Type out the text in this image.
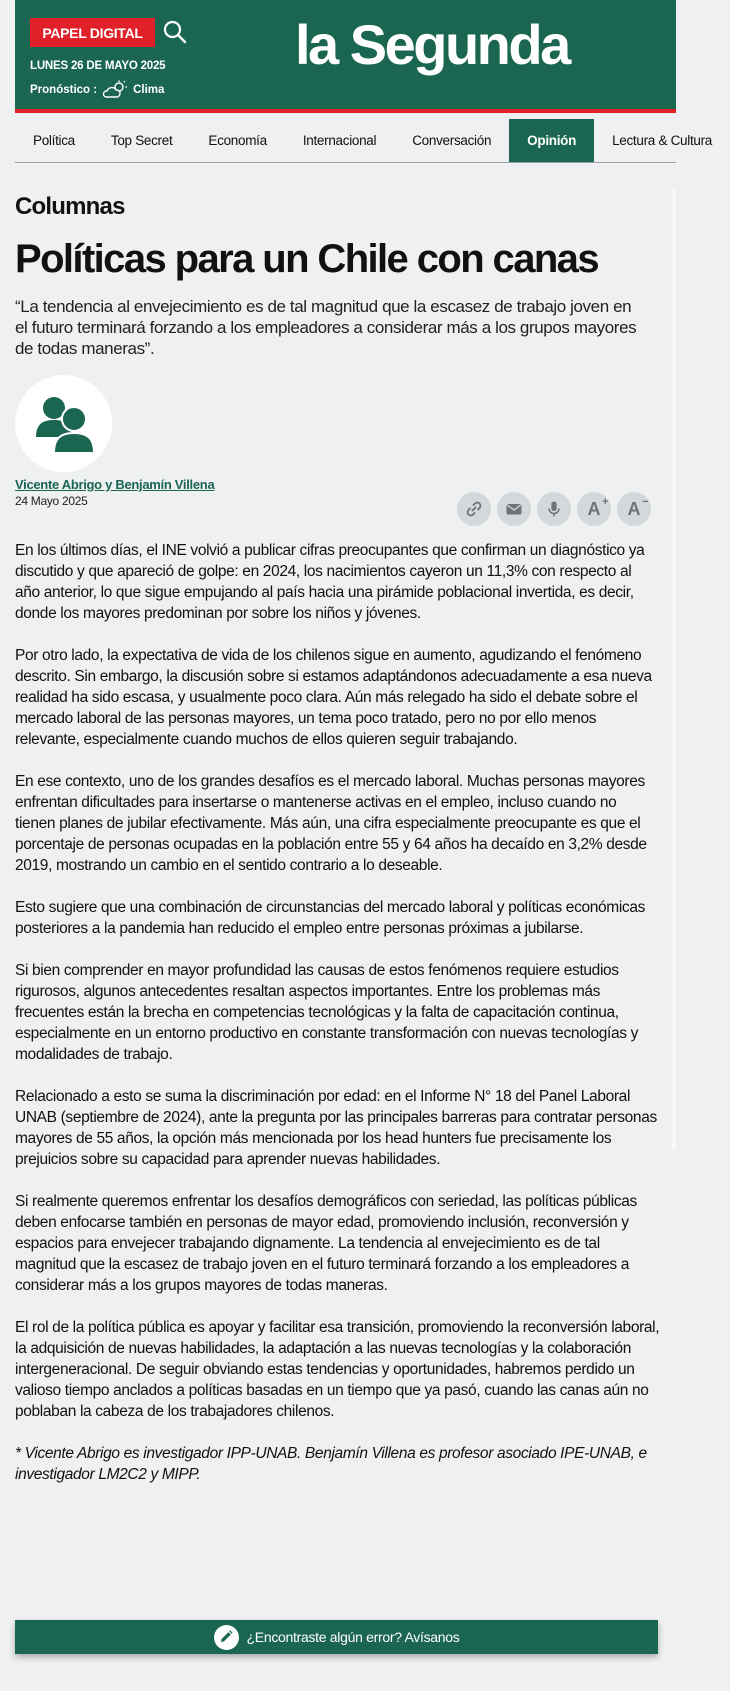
PAPEL DIGITAL
LUNES 26 DE MAYO 2025
Pronóstico :	Clima
la Segunda
Política	Top Secret	Economía	Internacional	Conversación	Opinión	Lectura & Cultura
Columnas
Políticas para un Chile con canas
“La tendencia al envejecimiento es de tal magnitud que la escasez de trabajo joven en el futuro terminará forzando a los empleadores a considerar más a los grupos mayores de todas maneras”.
Vicente Abrigo y Benjamín Villena
24 Mayo 2025	A + A −

En los últimos días, el INE volvió a publicar cifras preocupantes que confirman un diagnóstico ya discutido y que apareció de golpe: en 2024, los nacimientos cayeron un 11,3% con respecto al año anterior, lo que sigue empujando al país hacia una pirámide poblacional invertida, es decir, donde los mayores predominan por sobre los niños y jóvenes.

Por otro lado, la expectativa de vida de los chilenos sigue en aumento, agudizando el fenómeno descrito. Sin embargo, la discusión sobre si estamos adaptándonos adecuadamente a esa nueva realidad ha sido escasa, y usualmente poco clara. Aún más relegado ha sido el debate sobre el mercado laboral de las personas mayores, un tema poco tratado, pero no por ello menos relevante, especialmente cuando muchos de ellos quieren seguir trabajando.

En ese contexto, uno de los grandes desafíos es el mercado laboral. Muchas personas mayores enfrentan dificultades para insertarse o mantenerse activas en el empleo, incluso cuando no tienen planes de jubilar efectivamente. Más aún, una cifra especialmente preocupante es que el porcentaje de personas ocupadas en la población entre 55 y 64 años ha decaído en 3,2% desde 2019, mostrando un cambio en el sentido contrario a lo deseable.

Esto sugiere que una combinación de circunstancias del mercado laboral y políticas económicas posteriores a la pandemia han reducido el empleo entre personas próximas a jubilarse.

Si bien comprender en mayor profundidad las causas de estos fenómenos requiere estudios rigurosos, algunos antecedentes resaltan aspectos importantes. Entre los problemas más frecuentes están la brecha en competencias tecnológicas y la falta de capacitación continua, especialmente en un entorno productivo en constante transformación con nuevas tecnologías y modalidades de trabajo.

Relacionado a esto se suma la discriminación por edad: en el Informe N° 18 del Panel Laboral UNAB (septiembre de 2024), ante la pregunta por las principales barreras para contratar personas mayores de 55 años, la opción más mencionada por los head hunters fue precisamente los prejuicios sobre su capacidad para aprender nuevas habilidades.

Si realmente queremos enfrentar los desafíos demográficos con seriedad, las políticas públicas deben enfocarse también en personas de mayor edad, promoviendo inclusión, reconversión y espacios para envejecer trabajando dignamente. La tendencia al envejecimiento es de tal magnitud que la escasez de trabajo joven en el futuro terminará forzando a los empleadores a considerar más a los grupos mayores de todas maneras.

El rol de la política pública es apoyar y facilitar esa transición, promoviendo la reconversión laboral, la adquisición de nuevas habilidades, la adaptación a las nuevas tecnologías y la colaboración intergeneracional. De seguir obviando estas tendencias y oportunidades, habremos perdido un valioso tiempo anclados a políticas basadas en un tiempo que ya pasó, cuando las canas aún no poblaban la cabeza de los trabajadores chilenos.

* Vicente Abrigo es investigador IPP-UNAB. Benjamín Villena es profesor asociado IPE-UNAB, e investigador LM2C2 y MIPP.

¿Encontraste algún error? Avísanos
